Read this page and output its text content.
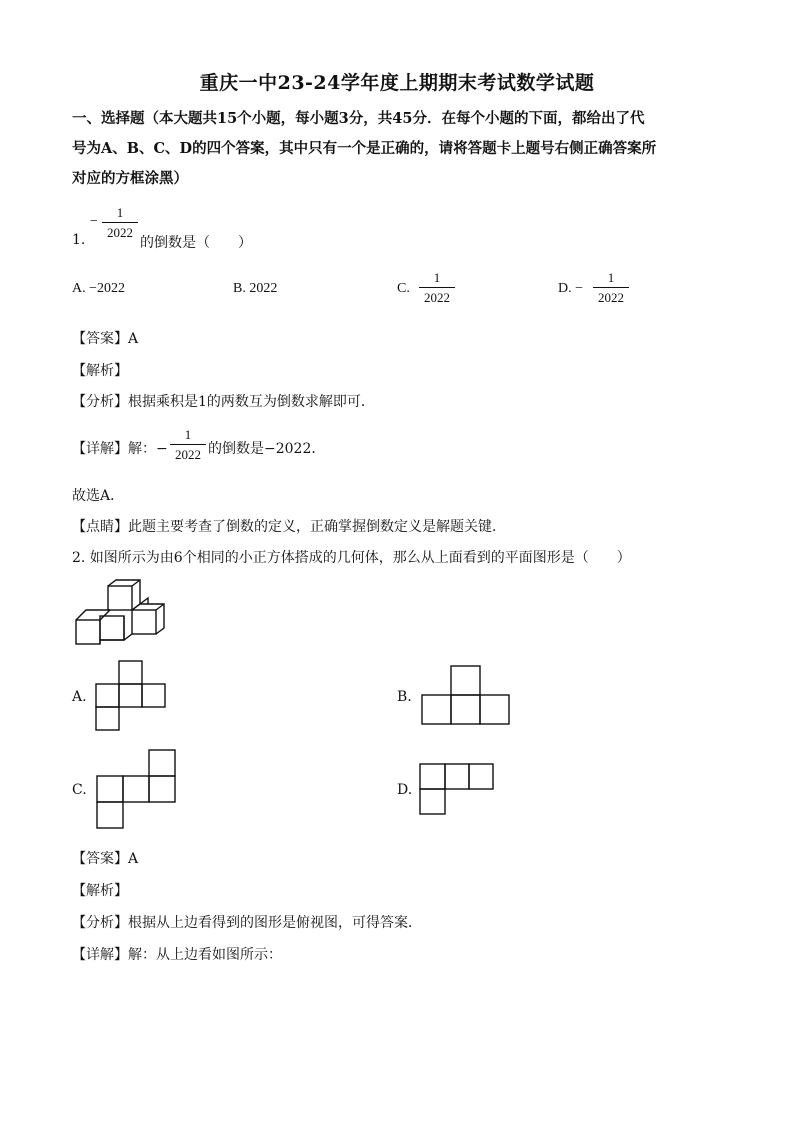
重庆一中23-24学年度上期期末考试数学试题
一、选择题（本大题共15个小题，每小题3分，共45分．在每个小题的下面，都给出了代
号为A、B、C、D的四个答案，其中只有一个是正确的，请将答题卡上题号右侧正确答案所
对应的方框涂黑）
1.
−
1
2022
的倒数是（　　）
A. −2022	B. 2022	C.
1
2022
D. −
1
2022
【答案】A
【解析】
【分析】根据乘积是1的两数互为倒数求解即可．
【详解】解：−
1
2022 的倒数是−2022．
故选A．
【点睛】此题主要考查了倒数的定义，正确掌握倒数定义是解题关键．
2. 如图所示为由6个相同的小正方体搭成的几何体，那么从上面看到的平面图形是（　　）
A.	B.
C.	D.
【答案】A
【解析】
【分析】根据从上边看得到的图形是俯视图，可得答案．
【详解】解：从上边看如图所示：
